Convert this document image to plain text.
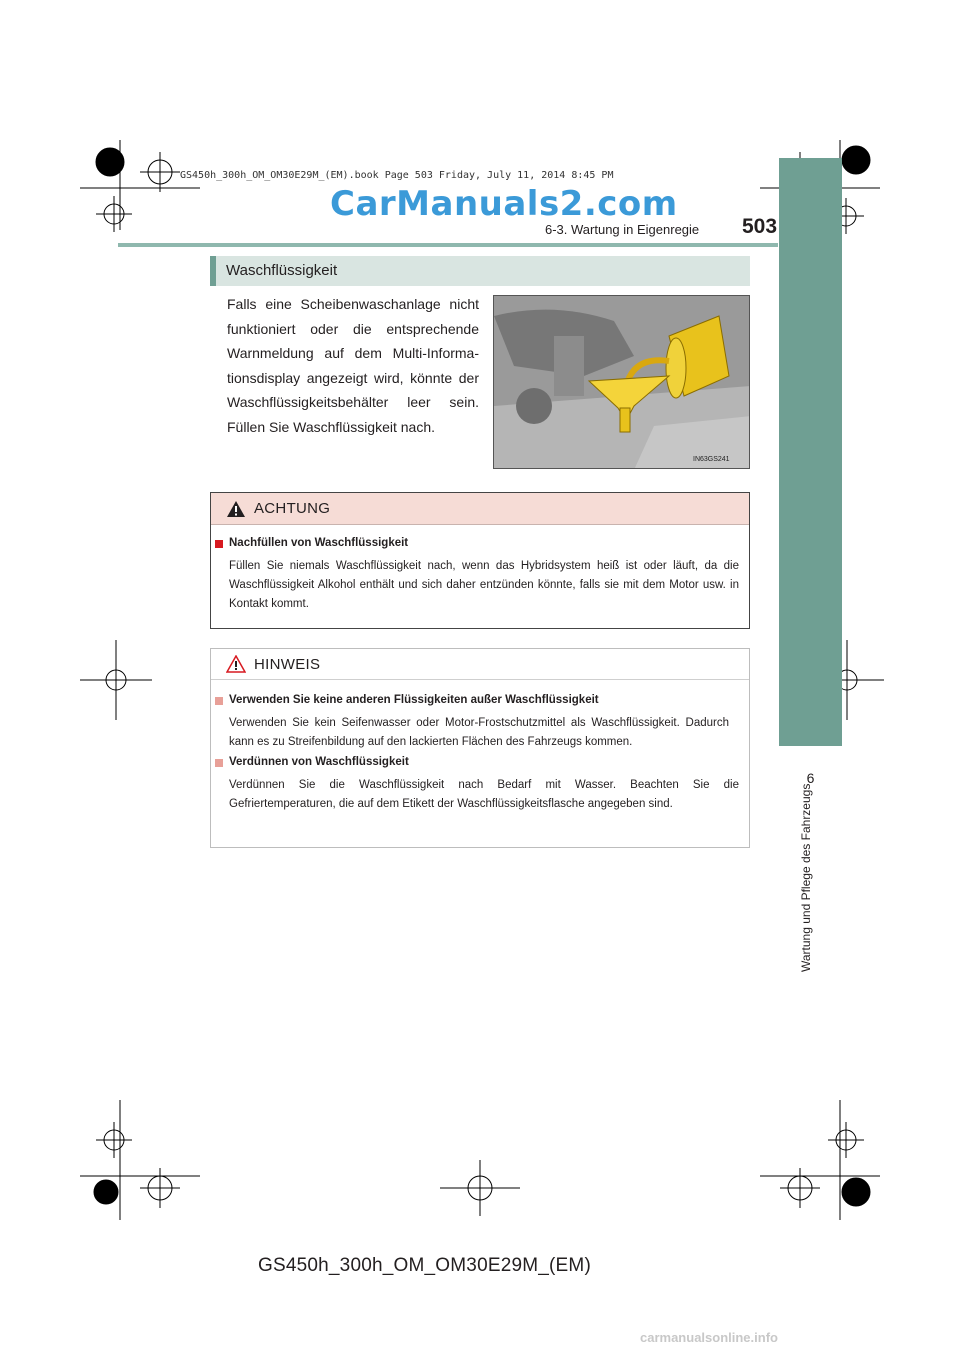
GS450h_300h_OM_OM30E29M_(EM).book Page 503 Friday, July 11, 2014 8:45 PM
CarManuals2.com
6-3. Wartung in Eigenregie 503
6
Wartung und Pflege des Fahrzeugs
Waschflüssigkeit
Falls eine Scheibenwaschanlage nicht funktioniert oder die entsprechende Warnmeldung auf dem Multi-Informa-tionsdisplay angezeigt wird, könnte der Waschflüssigkeitsbehälter leer sein. Füllen Sie Waschflüssigkeit nach.
IN63GS241
ACHTUNG
Nachfüllen von Waschflüssigkeit
Füllen Sie niemals Waschflüssigkeit nach, wenn das Hybridsystem heiß ist oder läuft, da die Waschflüssigkeit Alkohol enthält und sich daher entzünden könnte, falls sie mit dem Motor usw. in Kontakt kommt.
HINWEIS
Verwenden Sie keine anderen Flüssigkeiten außer Waschflüssigkeit
Verwenden Sie kein Seifenwasser oder Motor-Frostschutzmittel als Waschflüssigkeit. Dadurch kann es zu Streifenbildung auf den lackierten Flächen des Fahrzeugs kommen.
Verdünnen von Waschflüssigkeit
Verdünnen Sie die Waschflüssigkeit nach Bedarf mit Wasser. Beachten Sie die Gefriertemperaturen, die auf dem Etikett der Waschflüssigkeitsflasche angegeben sind.
GS450h_300h_OM_OM30E29M_(EM)
carmanualsonline.info
